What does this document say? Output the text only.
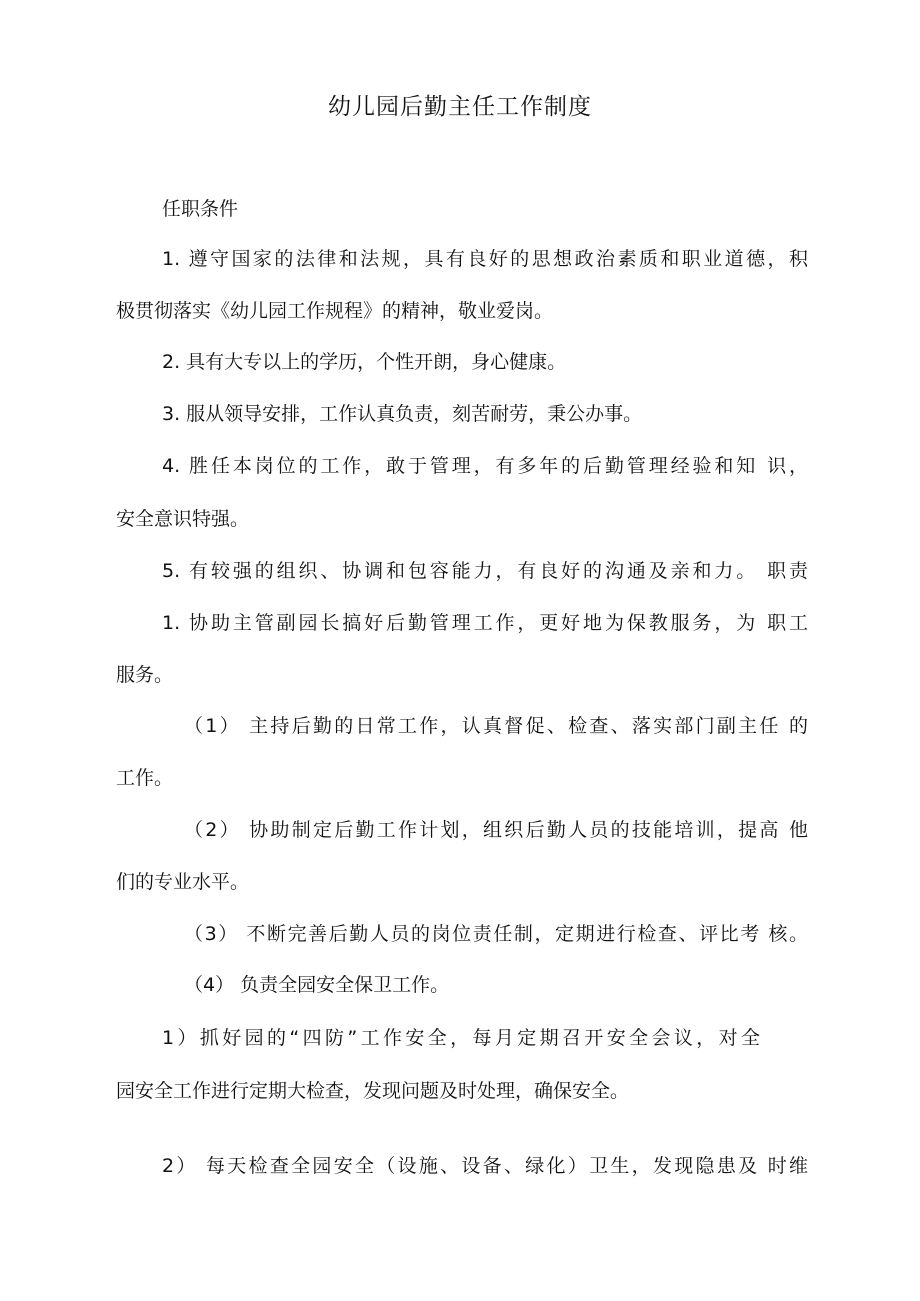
幼儿园后勤主任工作制度
任职条件
1. 遵守国家的法律和法规，具有良好的思想政治素质和职业道德，积
极贯彻落实《幼儿园工作规程》的精神，敬业爱岗。
2. 具有大专以上的学历，个性开朗，身心健康。
3. 服从领导安排，工作认真负责，刻苦耐劳，秉公办事。
4. 胜任本岗位的工作，敢于管理，有多年的后勤管理经验和知 识，
安全意识特强。
5. 有较强的组织、协调和包容能力，有良好的沟通及亲和力。 职责
1. 协助主管副园长搞好后勤管理工作，更好地为保教服务，为 职工
服务。
（1） 主持后勤的日常工作，认真督促、检查、落实部门副主任 的
工作。
（2） 协助制定后勤工作计划，组织后勤人员的技能培训，提高 他
们的专业水平。
（3） 不断完善后勤人员的岗位责任制，定期进行检查、评比考 核。
（4） 负责全园安全保卫工作。
1）抓好园的“四防”工作安全，每月定期召开安全会议，对全
园安全工作进行定期大检查，发现问题及时处理，确保安全。
2） 每天检查全园安全（设施、设备、绿化）卫生，发现隐患及 时维
